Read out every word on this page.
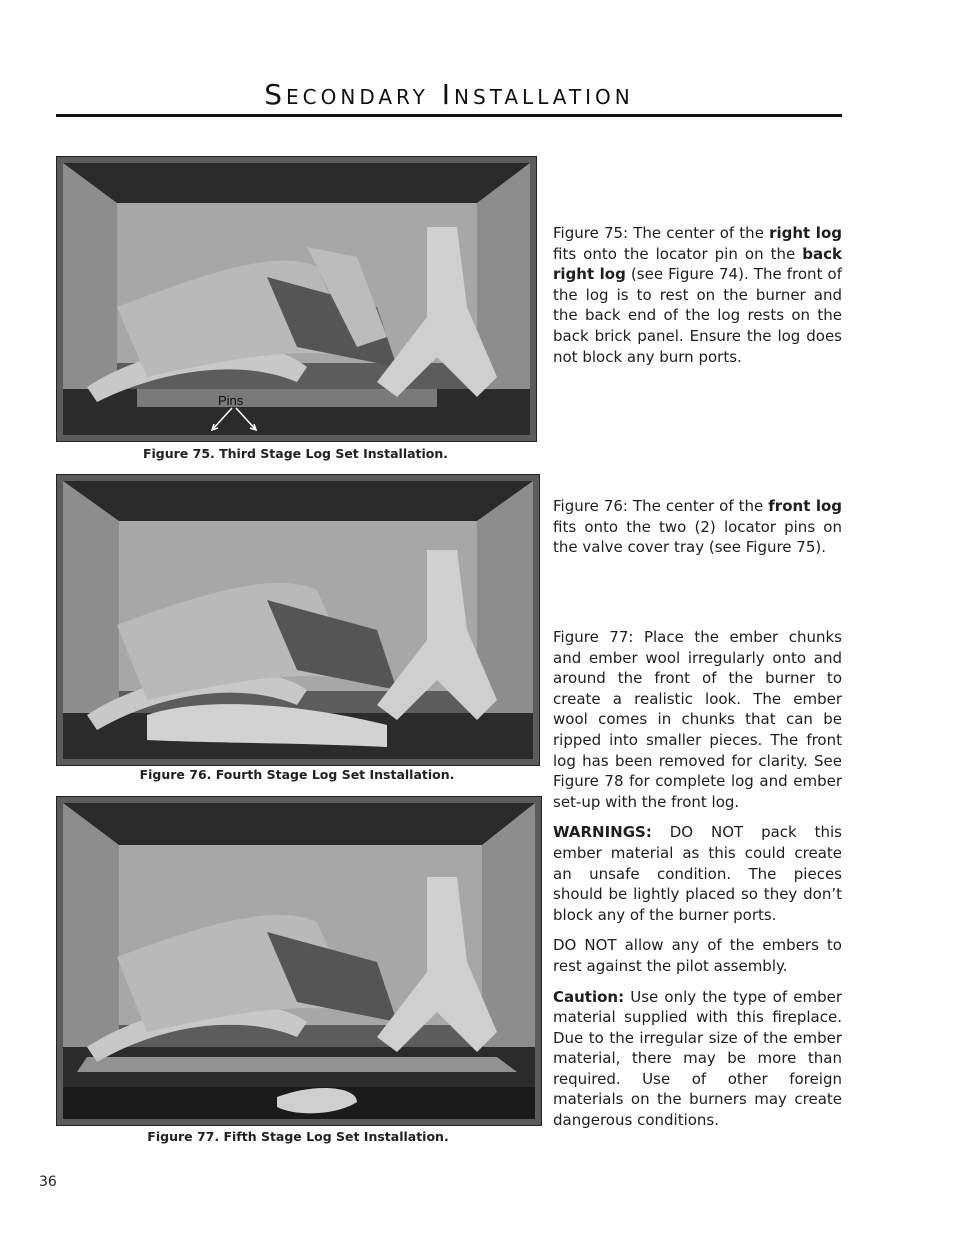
Secondary Installation
Pins
Figure 75. Third Stage Log Set Installation.
Figure 76. Fourth Stage Log Set Installation.
Figure 77. Fifth Stage Log Set Installation.

Figure 75: The center of the right log fits onto the locator pin on the back right log (see Figure 74). The front of the log is to rest on the burner and the back end of the log rests on the back brick panel. Ensure the log does not block any burn ports.

Figure 76: The center of the front log fits onto the two (2) locator pins on the valve cover tray (see Figure 75).

Figure 77: Place the ember chunks and ember wool irregularly onto and around the front of the burner to create a realistic look. The ember wool comes in chunks that can be ripped into smaller pieces. The front log has been removed for clarity. See Figure 78 for complete log and ember set-up with the front log.

WARNINGS: DO NOT pack this ember material as this could create an unsafe condition. The pieces should be lightly placed so they don’t block any of the burner ports.

DO NOT allow any of the embers to rest against the pilot assembly.

Caution: Use only the type of ember material supplied with this fireplace. Due to the irregular size of the ember material, there may be more than required. Use of other foreign materials on the burners may create dangerous conditions.

36
